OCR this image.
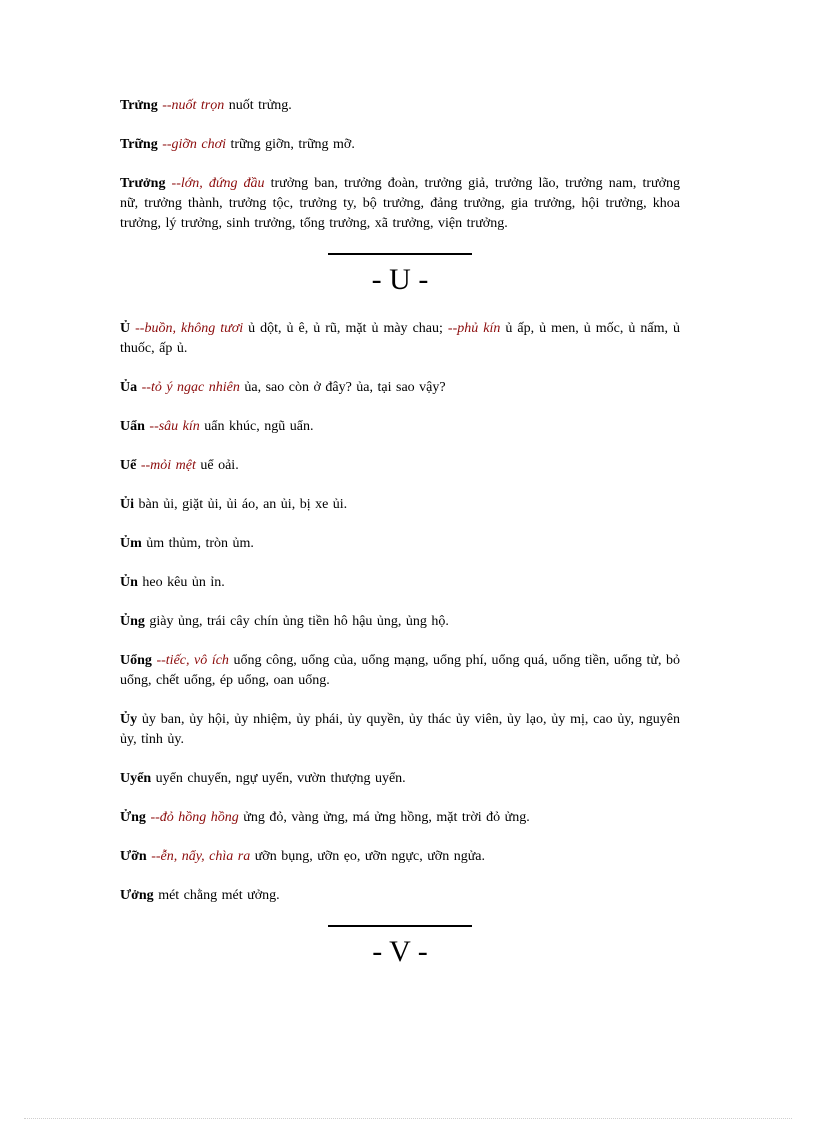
Trửng --nuốt trọn nuốt trửng.

Trững --giỡn chơi trững giỡn, trững mỡ.

Trưởng --lớn, đứng đầu trưởng ban, trưởng đoàn, trưởng giả, trưởng lão, trưởng nam, trưởng nữ, trưởng thành, trưởng tộc, trưởng ty, bộ trưởng, đảng trưởng, gia trưởng, hội trưởng, khoa trưởng, lý trưởng, sinh trưởng, tổng trưởng, xã trưởng, viện trưởng.

- U -

Ủ --buồn, không tươi ủ dột, ủ ê, ủ rũ, mặt ủ mày chau; --phủ kín ủ ấp, ủ men, ủ mốc, ủ nấm, ủ thuốc, ấp ủ.

Ủa --tỏ ý ngạc nhiên ủa, sao còn ở đây? ủa, tại sao vậy?

Uẩn --sâu kín uẩn khúc, ngũ uẩn.

Uể --mỏi mệt uể oải.

Ủi bàn ủi, giặt ủi, ủi áo, an ủi, bị xe ủi.

Ủm ủm thủm, tròn ủm.

Ủn heo kêu ủn ỉn.

Ủng giày ủng, trái cây chín ủng tiền hô hậu ủng, ủng hộ.

Uổng --tiếc, vô ích uổng công, uổng của, uổng mạng, uổng phí, uổng quá, uổng tiền, uổng tử, bỏ uổng, chết uổng, ép uổng, oan uổng.

Ủy ủy ban, ủy hội, ủy nhiệm, ủy phái, ủy quyền, ủy thác ủy viên, ủy lạo, ủy mị, cao ủy, nguyên ủy, tỉnh ủy.

Uyển uyển chuyển, ngự uyển, vườn thượng uyển.

Ửng --đỏ hồng hồng ửng đỏ, vàng ửng, má ửng hồng, mặt trời đỏ ửng.

Ưỡn --ễn, nẩy, chìa ra ưỡn bụng, ưỡn ẹo, ưỡn ngực, ưỡn ngửa.

Ưởng mét chằng mét ưởng.

- V -
